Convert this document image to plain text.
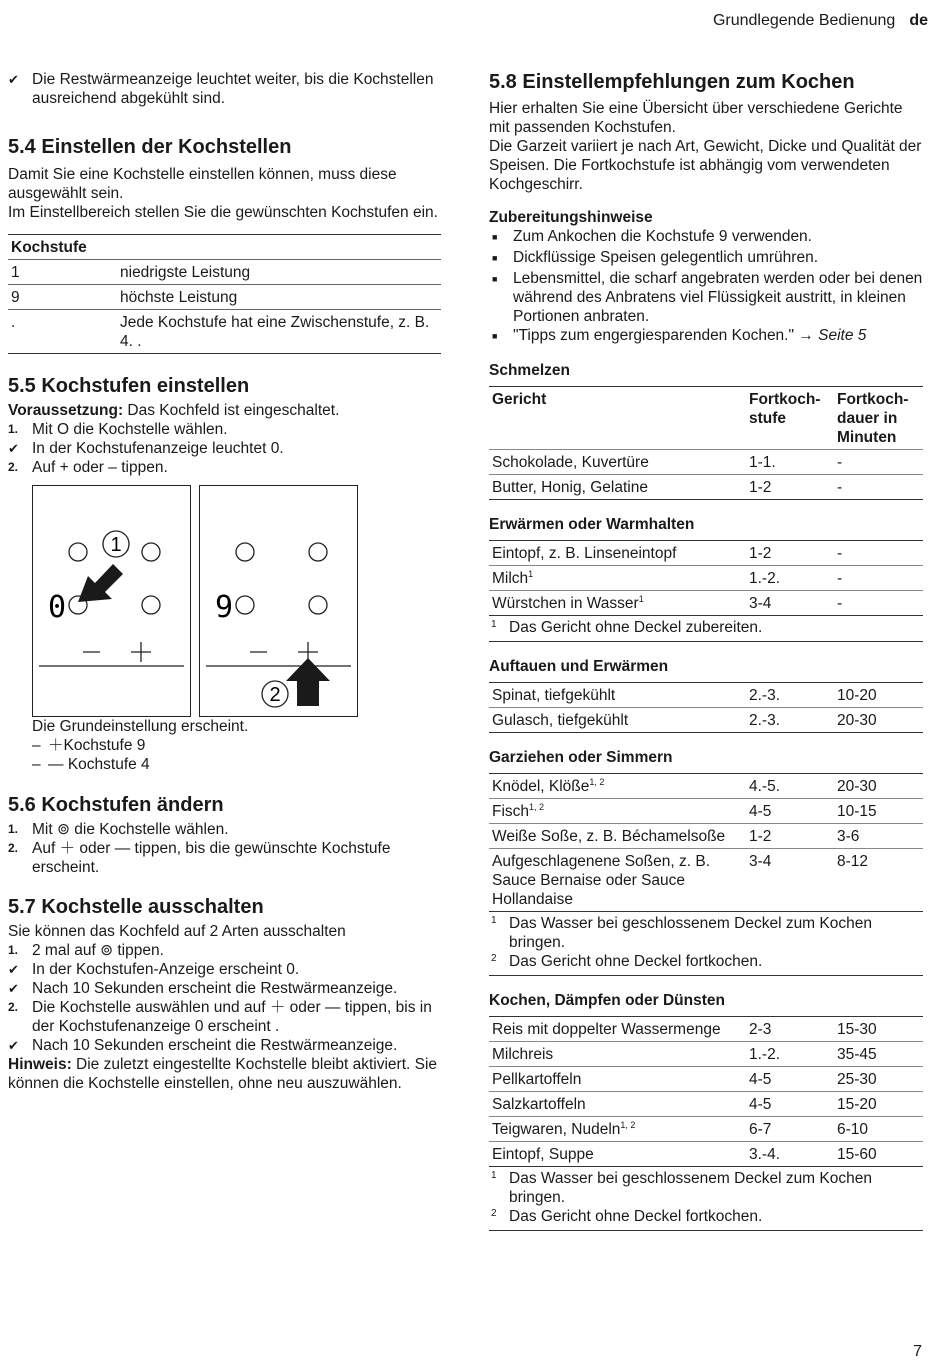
Grundlegende Bedienung de
✔ Die Restwärmeanzeige leuchtet weiter, bis die Kochstellen ausreichend abgekühlt sind.
5.4 Einstellen der Kochstellen

Damit Sie eine Kochstelle einstellen können, muss diese ausgewählt sein.

Im Einstellbereich stellen Sie die gewünschten Kochstufen ein.

Kochstufe	
1	niedrigste Leistung
9	höchste Leistung
.	Jede Kochstufe hat eine Zwischenstufe, z. B. 4. .
5.5 Kochstufen einstellen

Voraussetzung: Das Kochfeld ist eingeschaltet.

1. Mit O die Kochstelle wählen.
✔ In der Kochstufenanzeige leuchtet 0.
2. Auf + oder – tippen.
0
1
9
2

Die Grundeinstellung erscheint.

– ＋Kochstufe 9
– — Kochstufe 4
5.6 Kochstufen ändern
1. Mit ⊚ die Kochstelle wählen.
2. Auf ＋ oder — tippen, bis die gewünschte Kochstufe erscheint.
5.7 Kochstelle ausschalten

Sie können das Kochfeld auf 2 Arten ausschalten

1. 2 mal auf ⊚ tippen.
✔ In der Kochstufen-Anzeige erscheint 0.
✔ Nach 10 Sekunden erscheint die Restwärmeanzeige.
2. Die Kochstelle auswählen und auf ＋ oder — tippen, bis in der Kochstufenanzeige 0 erscheint .
✔ Nach 10 Sekunden erscheint die Restwärmeanzeige.

Hinweis: Die zuletzt eingestellte Kochstelle bleibt aktiviert. Sie können die Kochstelle einstellen, ohne neu auszuwählen.

5.8 Einstellempfehlungen zum Kochen

Hier erhalten Sie eine Übersicht über verschiedene Gerichte mit passenden Kochstufen.

Die Garzeit variiert je nach Art, Gewicht, Dicke und Qualität der Speisen. Die Fortkochstufe ist abhängig vom verwendeten Kochgeschirr.

Zubereitungshinweise
■
Zum Ankochen die Kochstufe 9 verwenden.
■
Dickflüssige Speisen gelegentlich umrühren.
■
Lebensmittel, die scharf angebraten werden oder bei denen während des Anbratens viel Flüssigkeit austritt, in kleinen Portionen anbraten.
■
"Tipps zum engergiesparenden Kochen." → Seite 5
Schmelzen
Gericht	Fortkoch-stufe	Fortkoch-dauer in Minuten
Schokolade, Kuvertüre	1-1.	-
Butter, Honig, Gelatine	1-2	-
Erwärmen oder Warmhalten
Eintopf, z. B. Linseneintopf	1-2	-
Milch$^1$	1.-2.	-
Würstchen in Wasser$^1$	3-4	-
1 Das Gericht ohne Deckel zubereiten.
Auftauen und Erwärmen
Spinat, tiefgekühlt	2.-3.	10-20
Gulasch, tiefgekühlt	2.-3.	20-30
Garziehen oder Simmern
Knödel, Klöße$^{1, 2}$	4.-5.	20-30
Fisch$^{1, 2}$	4-5	10-15
Weiße Soße, z. B. Béchamelsoße	1-2	3-6
Aufgeschlagenene Soßen, z. B. Sauce Bernaise oder Sauce Hollandaise	3-4	8-12
1 Das Wasser bei geschlossenem Deckel zum Kochen bringen.
2 Das Gericht ohne Deckel fortkochen.
Kochen, Dämpfen oder Dünsten
Reis mit doppelter Wassermenge	2-3	15-30
Milchreis	1.-2.	35-45
Pellkartoffeln	4-5	25-30
Salzkartoffeln	4-5	15-20
Teigwaren, Nudeln$^{1, 2}$	6-7	6-10
Eintopf, Suppe	3.-4.	15-60
1 Das Wasser bei geschlossenem Deckel zum Kochen bringen.
2 Das Gericht ohne Deckel fortkochen.
7
